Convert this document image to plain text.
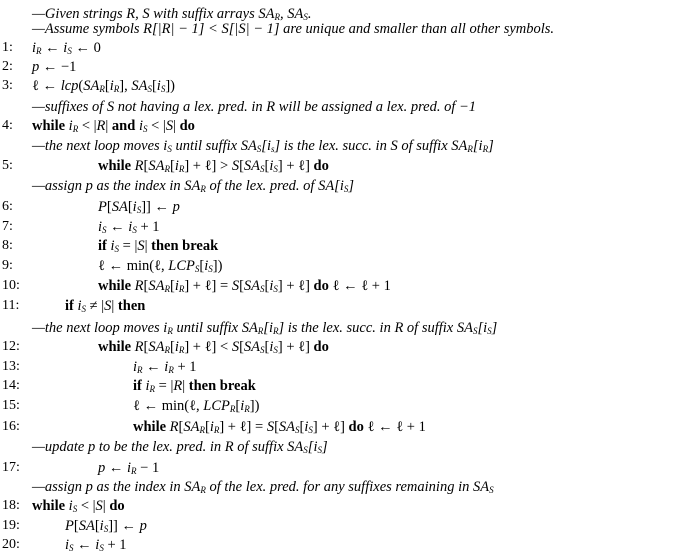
—Given strings R, S with suffix arrays $SA_R$, $SA_S$.
—Assume symbols R[|R| − 1] < S[|S| − 1] are unique and smaller than all other symbols.
1:	$i_R$ ← $i_S$ ← 0
2:	p ← −1
3:	ℓ ← $lcp(SA_R[i_R]$, $SA_S[i_S]$)
—suffixes of S not having a lex. pred. in R will be assigned a lex. pred. of −1
4:	while $i_R < |R|$ and $i_S < |S|$ do
—the next loop moves $i_S$ until suffix $SA_S[i_s]$ is the lex. succ. in S of suffix $SA_R[i_R]$
5:	while $R[SA_R[i_R]$ + ℓ] > $S[SA_S[i_S]$ + ℓ] do
—assign p as the index in $SA_R$ of the lex. pred. of $SA[i_S]$
6:	$P[SA[i_S]]$ ← p
7:	$i_S$ ← $i_S + 1$
8:	if $i_S = |S|$ then break
9:	ℓ ← min(ℓ, $LCP_S[i_S]$)
10:	while $R[SA_R[i_R]$ + ℓ] = $S[SA_S[i_S]$ + ℓ] do ℓ ← ℓ + 1
11:	if $i_S \ne |S|$ then
—the next loop moves $i_R$ until suffix $SA_R[i_R]$ is the lex. succ. in R of suffix $SA_S[i_S]$
12:	while $R[SA_R[i_R]$ + ℓ] < $S[SA_S[i_S]$ + ℓ] do
13:	$i_R$ ← $i_R + 1$
14:	if $i_R = |R|$ then break
15:	ℓ ← min(ℓ, $LCP_R[i_R]$)
16:	while $R[SA_R[i_R]$ + ℓ] = $S[SA_S[i_S]$ + ℓ] do ℓ ← ℓ + 1
—update p to be the lex. pred. in R of suffix $SA_S[i_S]$
17:	p ← $i_R - 1$
—assign p as the index in $SA_R$ of the lex. pred. for any suffixes remaining in $SA_S$
18: while $i_S < |S|$ do
19:	$P[SA[i_S]]$ ← p
20:	$i_S$ ← $i_S + 1$
